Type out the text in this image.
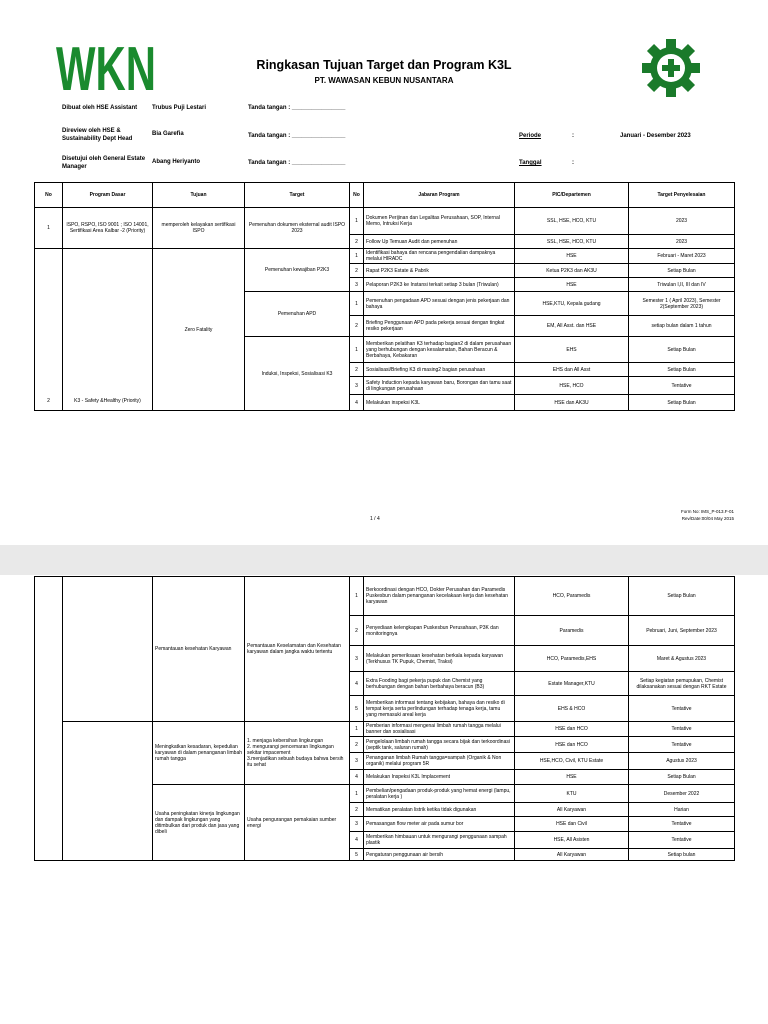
WKN	Ringkasan Tujuan Target dan Program K3L
PT. WAWASAN KEBUN NUSANTARA
Dibuat oleh HSE Assistant	Trubus Puji Lestari	Tanda tangan : ________________
Direview oleh HSE & Sustainability Dept Head
Bia Garefia	Tanda tangan : ________________
Disetujui oleh General Estate Manager
Abang Heriyanto	Tanda tangan : ________________
Periode	:	Januari - Desember 2023
Tanggal	:
No	Program Dasar	Tujuan	Target	No	Jabaran Program	PIC/Departemen	Target Penyelesaian
1	ISPO, RSPO, ISO 9001 ; ISO 14001, Sertifikasi Area Kalbar -2 (Priority)	memperoleh kelayakan sertifikasi ISPO	Pemenuhan dokumen eksternal audit ISPO 2023	1	Dokumen Perijinan dan Legalitas Perusahaan, SOP, Internal Memo, Intruksi Kerja	SSL, HSE, HCO, KTU	2023
				2	Follow Up Temuan Audit dan pemenuhan	SSL, HSE, HCO, KTU	2023
2	K3 - Safety &Healthy (Priority)	Zero Fatality	Pemenuhan kewajiban P2K3	1	Identifikasi bahaya dan rencana pengendalian dampaknya melalui HIRADC	HSE	Februari - Maret 2023
				2	Rapat P2K3 Estate & Pabrik	Ketua P2K3 dan AK3U	Setiap Bulan
				3	Pelaporan P2K3 ke Instansi terkait setiap 3 bulan (Triwulan)	HSE	Triwulan I,II, III dan IV
			Pemenuhan APD	1	Pemenuhan pengadaan APD sesuai dengan jenis pekerjaan dan bahaya	HSE,KTU, Kepala gudang	Semester 1 ( April 2023), Semester 2(September 2023)
				2	Briefing Penggunaan APD pada pekerja sesuai dengan tingkat resiko pekerjaan	EM, All Asst. dan HSE	setiap bulan dalam 1 tahun
			Induksi, Inspeksi, Sosialisasi K3	1	Memberikan pelatihan K3 terhadap bagian2 di dalam perusahaan yang berhubungan dengan kesalamatan, Bahan Beracun & Berbahaya, Kebakaran	EHS	Setiap Bulan
				2	Sosialisasi/Briefing K3 di masing2 bagian perusahaan	EHS dan All Asst	Setiap Bulan
				3	Safety Induction kepada karyawan baru, Borongan dan tamu saat di lingkungan perusahaan	HSE, HCO	Tentative
				4	Melakukan inspeksi K3L	HSE dan AK3U	Setiap Bulan
1 / 4
Form No: IMS_P-013.F-01
Rev/Date:00/04 May 2015
		Pemantauan kesehatan Karyawan	Pemantauan Keselamatan dan Kesehatan karyawan dalam jangka waktu tertentu	1	Berkoordinasi dengan HCO, Dokter Perusahan dan Paramedis Puskesbun dalam penanganan kecelakaan kerja dan kesehatan karyawan	HCO, Paramedis	Setiap Bulan
				2	Penyediaan kelengkapan Puskesbun Perusahaan, P3K dan monitoringnya	Paramedis	Pebruari, Juni, September 2023
				3	Melakukan pemeriksaan kesehatan berkala kepada karyawan (Terkhusus TK Pupuk, Chemist, Traksi)	HCO, Paramedis,EHS	Maret & Agustus 2023
				4	Extra Fooding bagi pekerja pupuk dan Chemist yang berhubungan dengan bahan berbahaya beracun (B3)	Estate Manager,KTU	Setiap kegiatan pemupukan, Chemist dilaksanakan sesuai dengan RKT Estate
				5	Memberikan informasi tentang kebijakan, bahaya dan resiko di tempat kerja serta perlindungan terhadap tenaga kerja, tamu yang memasuki areal kerja	EHS & HCO	Tentative
		Meningkatkan kesadaran, kepedulian karyawan di dalam penanganan limbah rumah tangga	1. menjaga kebersihan lingkungan
2. mengurangi pencemaran lingkungan sekitar impacement
3.menjadikan sebuah budaya bahwa bersih itu sehat	1	Pemberian informasi mengenai limbah rumah tangga melalui banner dan sosialisasi	HSE dan HCO	Tentative
				2	Pengelolaan limbah rumah tangga secara bijak dan terkoordinasi (septik tank, saluran rumah)	HSE dan HCO	Tentative
				3	Penanganan limbah Rumah tangga=sampah (Organik & Non organik) melalui program 5R	HSE,HCO, Civil, KTU Estate	Agustus 2023
				4	Melakukan Inspeksi K3L Implacement	HSE	Setiap Bulan
		Usaha peningkatan kinerja lingkungan dan dampak lingkungan yang ditimbulkan dari produk dan jasa yang dibeli	Usaha pengurangan pemakaian sumber energi	1	Pembelian/pengadaan produk-produk yang hemat energi (lampu, peralatan kerja )	KTU	Desember 2022
				2	Mematikan peralatan listrik ketika tidak digunakan	All Karyawan	Harian
				3	Pemasangan flow meter air pada sumur bor	HSE dan Civil	Tentative
				4	Memberikan himbauan untuk mengurangi penggunaan sampah plastik	HSE, All Asisten	Tentative
				5	Pengaturan penggunaan air bersih	All Karyawan	Setiap bulan
